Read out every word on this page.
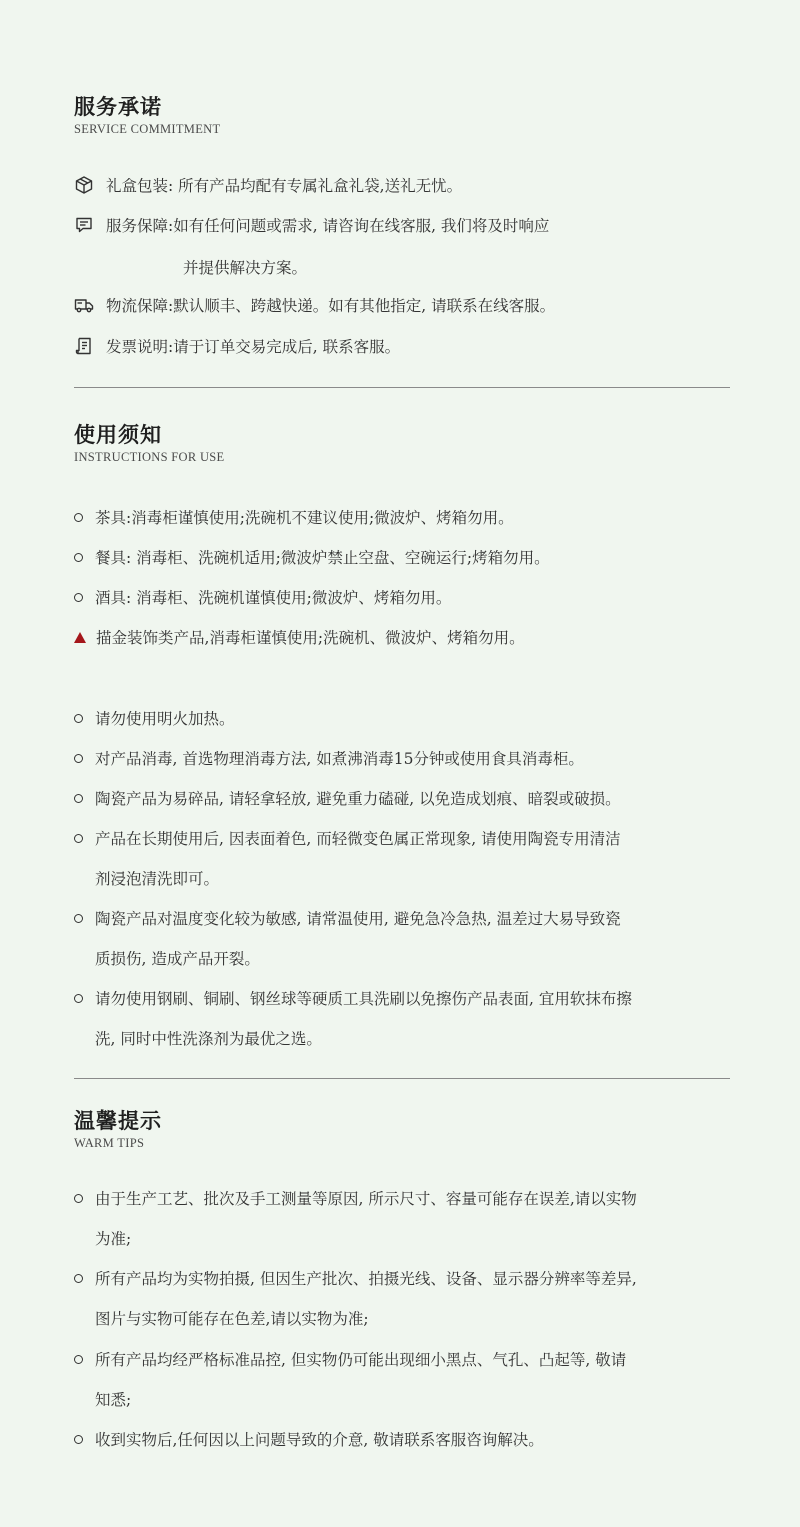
服务承诺
SERVICE COMMITMENT
礼盒包装: 所有产品均配有专属礼盒礼袋,送礼无忧。
服务保障:如有任何问题或需求, 请咨询在线客服, 我们将及时响应
并提供解决方案。
物流保障:默认顺丰、跨越快递。如有其他指定, 请联系在线客服。
发票说明:请于订单交易完成后, 联系客服。
使用须知
INSTRUCTIONS FOR USE
茶具:消毒柜谨慎使用;洗碗机不建议使用;微波炉、烤箱勿用。
餐具: 消毒柜、洗碗机适用;微波炉禁止空盘、空碗运行;烤箱勿用。
酒具: 消毒柜、洗碗机谨慎使用;微波炉、烤箱勿用。
描金装饰类产品,消毒柜谨慎使用;洗碗机、微波炉、烤箱勿用。
请勿使用明火加热。
对产品消毒, 首选物理消毒方法, 如煮沸消毒15分钟或使用食具消毒柜。
陶瓷产品为易碎品, 请轻拿轻放, 避免重力磕碰, 以免造成划痕、暗裂或破损。
产品在长期使用后, 因表面着色, 而轻微变色属正常现象, 请使用陶瓷专用清洁
剂浸泡清洗即可。
陶瓷产品对温度变化较为敏感, 请常温使用, 避免急冷急热, 温差过大易导致瓷
质损伤, 造成产品开裂。
请勿使用钢刷、铜刷、钢丝球等硬质工具洗刷以免擦伤产品表面, 宜用软抹布擦
洗, 同时中性洗涤剂为最优之选。
温馨提示
WARM TIPS
由于生产工艺、批次及手工测量等原因, 所示尺寸、容量可能存在误差,请以实物
为准;
所有产品均为实物拍摄, 但因生产批次、拍摄光线、设备、显示器分辨率等差异,
图片与实物可能存在色差,请以实物为准;
所有产品均经严格标准品控, 但实物仍可能出现细小黑点、气孔、凸起等, 敬请
知悉;
收到实物后,任何因以上问题导致的介意, 敬请联系客服咨询解决。
